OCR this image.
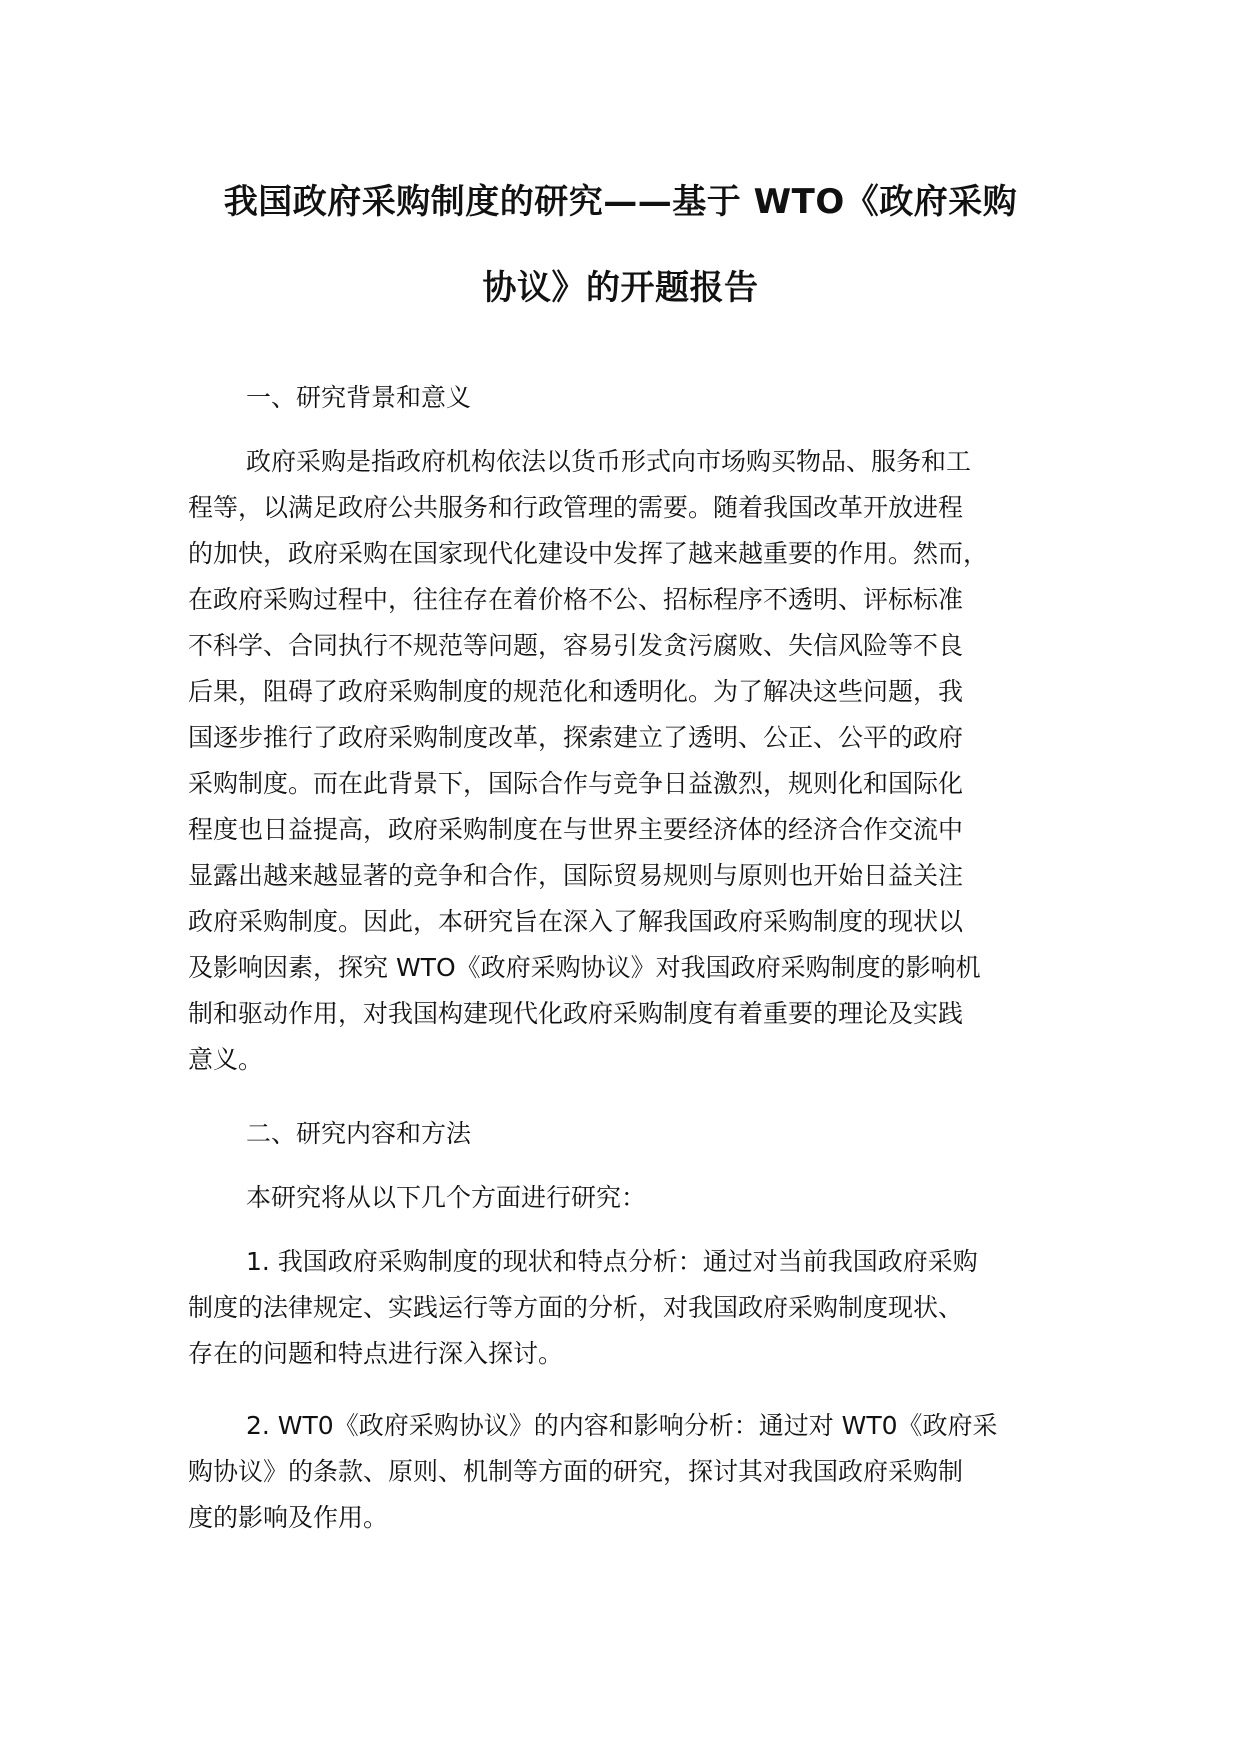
我国政府采购制度的研究——基于 WTO《政府采购
协议》的开题报告
一、研究背景和意义
政府采购是指政府机构依法以货币形式向市场购买物品、服务和工
程等，以满足政府公共服务和行政管理的需要。随着我国改革开放进程
的加快，政府采购在国家现代化建设中发挥了越来越重要的作用。然而，
在政府采购过程中，往往存在着价格不公、招标程序不透明、评标标准
不科学、合同执行不规范等问题，容易引发贪污腐败、失信风险等不良
后果，阻碍了政府采购制度的规范化和透明化。为了解决这些问题，我
国逐步推行了政府采购制度改革，探索建立了透明、公正、公平的政府
采购制度。而在此背景下，国际合作与竞争日益激烈，规则化和国际化
程度也日益提高，政府采购制度在与世界主要经济体的经济合作交流中
显露出越来越显著的竞争和合作，国际贸易规则与原则也开始日益关注
政府采购制度。因此，本研究旨在深入了解我国政府采购制度的现状以
及影响因素，探究 WTO《政府采购协议》对我国政府采购制度的影响机
制和驱动作用，对我国构建现代化政府采购制度有着重要的理论及实践
意义。
二、研究内容和方法
本研究将从以下几个方面进行研究：
1. 我国政府采购制度的现状和特点分析：通过对当前我国政府采购
制度的法律规定、实践运行等方面的分析，对我国政府采购制度现状、
存在的问题和特点进行深入探讨。
2. WT0《政府采购协议》的内容和影响分析：通过对 WT0《政府采
购协议》的条款、原则、机制等方面的研究，探讨其对我国政府采购制
度的影响及作用。
